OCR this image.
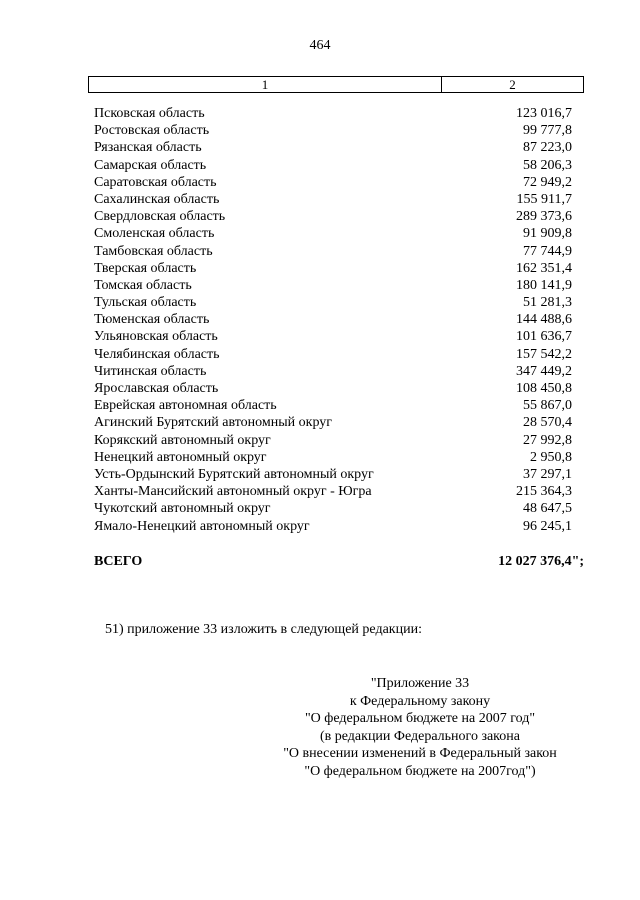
464
1	2
Псковская область	123 016,7
Ростовская область	99 777,8
Рязанская область	87 223,0
Самарская область	58 206,3
Саратовская область	72 949,2
Сахалинская область	155 911,7
Свердловская область	289 373,6
Смоленская область	91 909,8
Тамбовская область	77 744,9
Тверская область	162 351,4
Томская область	180 141,9
Тульская область	51 281,3
Тюменская область	144 488,6
Ульяновская область	101 636,7
Челябинская область	157 542,2
Читинская область	347 449,2
Ярославская область	108 450,8
Еврейская автономная область	55 867,0
Агинский Бурятский автономный округ	28 570,4
Корякский автономный округ	27 992,8
Ненецкий автономный округ	2 950,8
Усть-Ордынский Бурятский автономный округ	37 297,1
Ханты-Мансийский автономный округ - Югра	215 364,3
Чукотский автономный округ	48 647,5
Ямало-Ненецкий автономный округ	96 245,1
ВСЕГО	12 027 376,4";
51) приложение 33 изложить в следующей редакции:
"Приложение 33
к Федеральному закону
"О федеральном бюджете на 2007 год"
(в редакции Федерального закона
"О внесении изменений в Федеральный закон
"О федеральном бюджете на 2007год")
